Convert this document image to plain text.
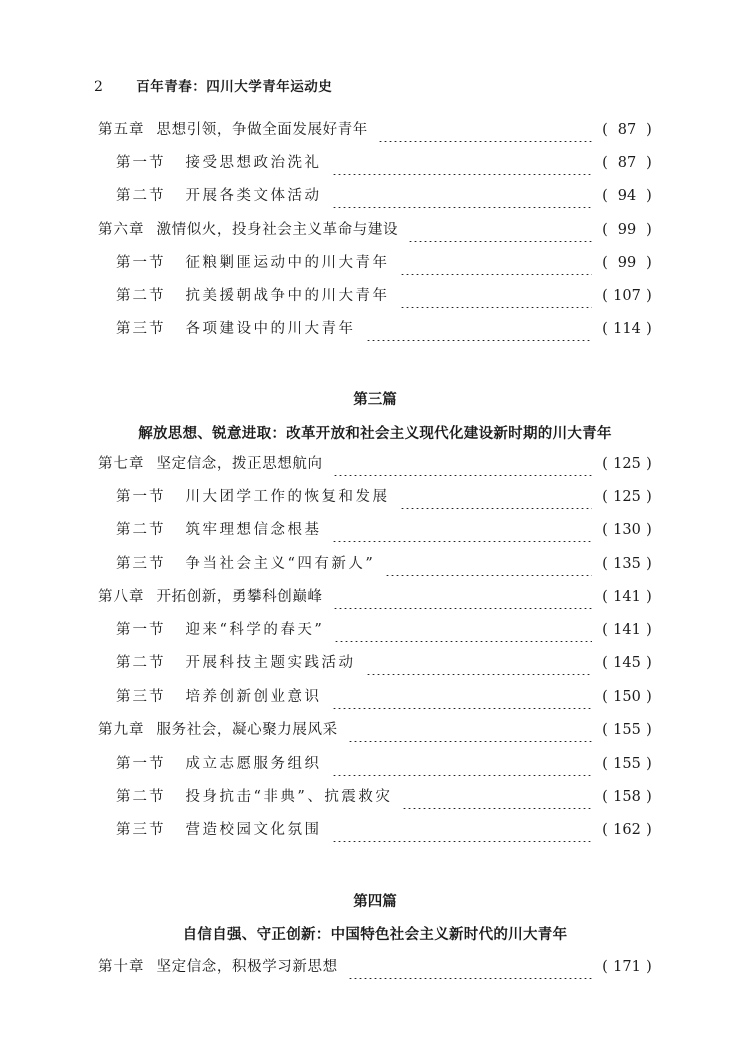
2 百年青春：四川大学青年运动史
第三篇
解放思想、锐意进取：改革开放和社会主义现代化建设新时期的川大青年
第四篇
自信自强、守正创新：中国特色社会主义新时代的川大青年
第五章 思想引领，争做全面发展好青年	( 87 )
第一节 接受思想政治洗礼	( 87 )
第二节 开展各类文体活动	( 94 )
第六章 激情似火，投身社会主义革命与建设	( 99 )
第一节 征粮剿匪运动中的川大青年	( 99 )
第二节 抗美援朝战争中的川大青年	( 107 )
第三节 各项建设中的川大青年	( 114 )
第七章 坚定信念，拨正思想航向	( 125 )
第一节 川大团学工作的恢复和发展	( 125 )
第二节 筑牢理想信念根基	( 130 )
第三节 争当社会主义“四有新人”	( 135 )
第八章 开拓创新，勇攀科创巅峰	( 141 )
第一节 迎来“科学的春天”	( 141 )
第二节 开展科技主题实践活动	( 145 )
第三节 培养创新创业意识	( 150 )
第九章 服务社会，凝心聚力展风采	( 155 )
第一节 成立志愿服务组织	( 155 )
第二节 投身抗击“非典”、抗震救灾	( 158 )
第三节 营造校园文化氛围	( 162 )
第十章 坚定信念，积极学习新思想	( 171 )
